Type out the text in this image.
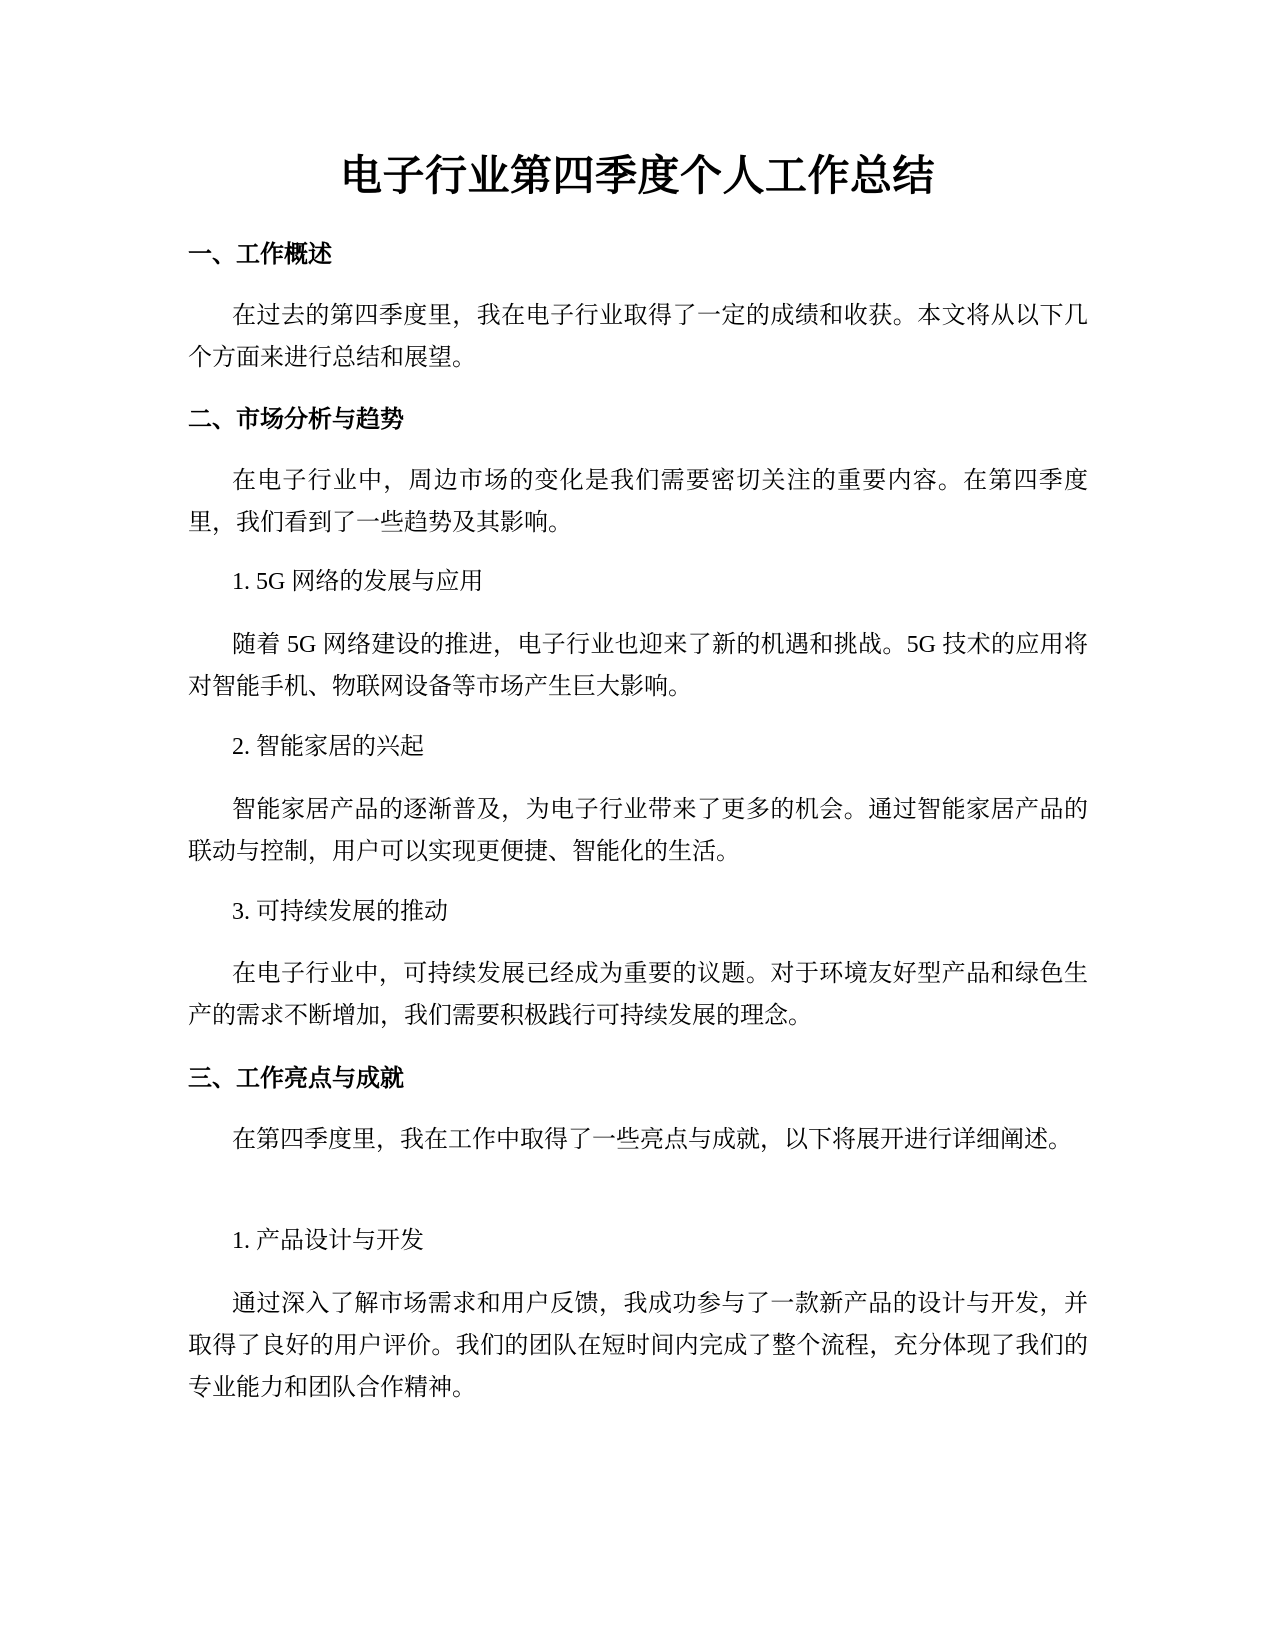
电子行业第四季度个人工作总结
一、工作概述

在过去的第四季度里，我在电子行业取得了一定的成绩和收获。本文将从以下几个方面来进行总结和展望。

二、市场分析与趋势

在电子行业中，周边市场的变化是我们需要密切关注的重要内容。在第四季度里，我们看到了一些趋势及其影响。

1. 5G 网络的发展与应用

随着 5G 网络建设的推进，电子行业也迎来了新的机遇和挑战。5G 技术的应用将对智能手机、物联网设备等市场产生巨大影响。

2. 智能家居的兴起

智能家居产品的逐渐普及，为电子行业带来了更多的机会。通过智能家居产品的联动与控制，用户可以实现更便捷、智能化的生活。

3. 可持续发展的推动

在电子行业中，可持续发展已经成为重要的议题。对于环境友好型产品和绿色生产的需求不断增加，我们需要积极践行可持续发展的理念。

三、工作亮点与成就

在第四季度里，我在工作中取得了一些亮点与成就，以下将展开进行详细阐述。

1. 产品设计与开发

通过深入了解市场需求和用户反馈，我成功参与了一款新产品的设计与开发，并取得了良好的用户评价。我们的团队在短时间内完成了整个流程，充分体现了我们的专业能力和团队合作精神。
